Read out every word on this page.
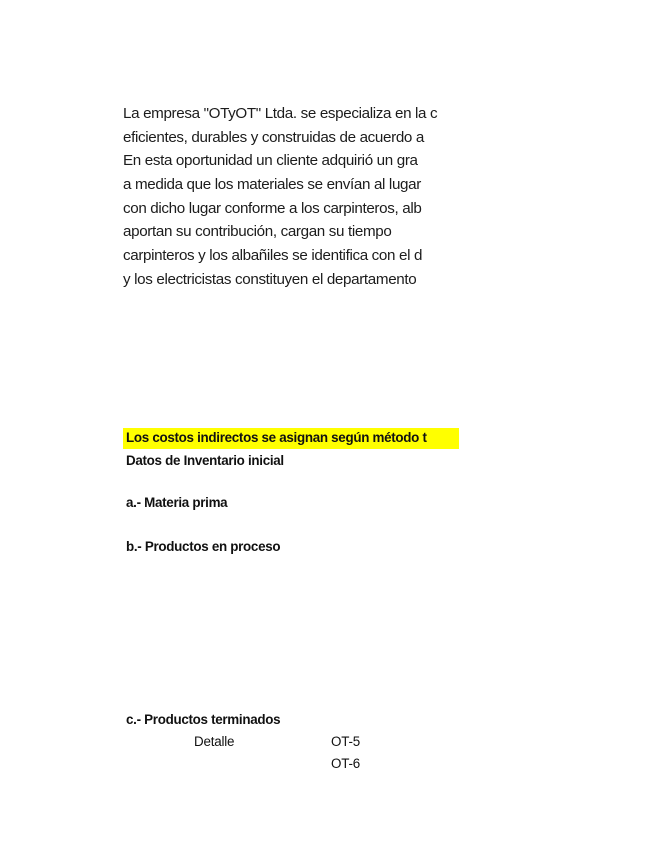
La empresa "OTyOT" Ltda. se especializa en la c
eficientes, durables y construidas de acuerdo a
En esta oportunidad un cliente adquirió un gra
a medida que los materiales se envían al lugar
con dicho lugar conforme a los carpinteros, alb
aportan su contribución, cargan su tiempo
carpinteros y los albañiles se identifica con el d
y los electricistas constituyen el departamento
Los costos indirectos se asignan según método t
Datos de Inventario inicial
a.- Materia prima
b.- Productos en proceso
c.- Productos terminados
Detalle	OT-5
OT-6
